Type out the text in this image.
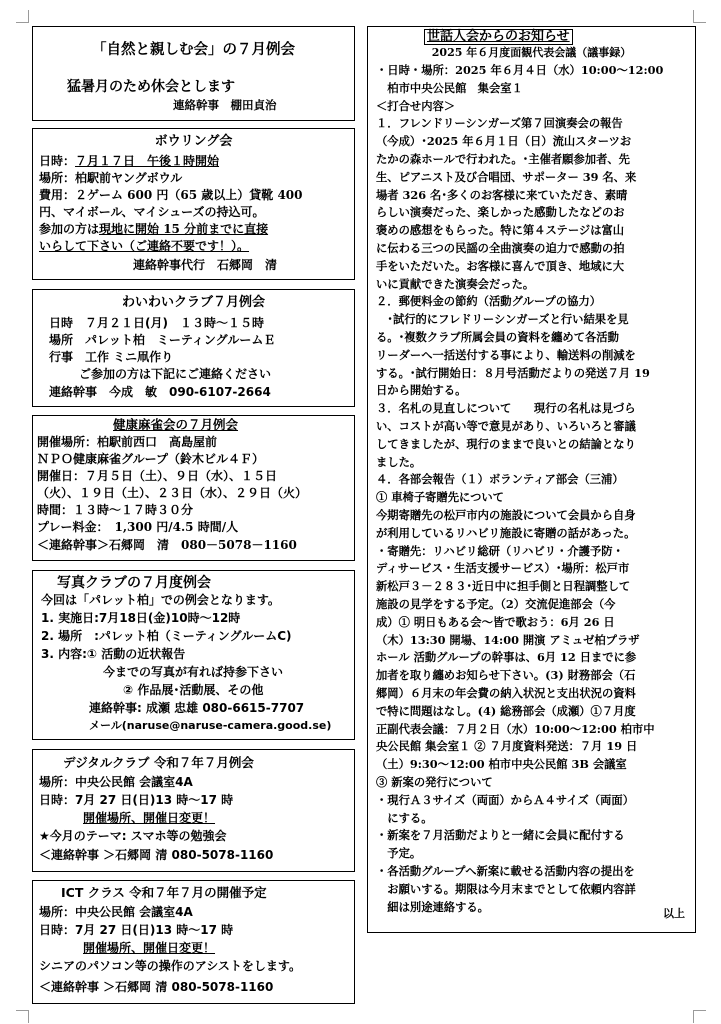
「自然と親しむ会」の７月例会
猛暑月のため休会とします
連絡幹事　棚田貞治
ボウリング会
日時：７月１７日　午後１時開始
場所：柏駅前ヤングボウル
費用：２ゲーム 600 円（65 歳以上）貸靴 400
円、マイボール、マイシューズの持込可。
参加の方は現地に開始 15 分前までに直接
いらして下さい（ご連絡不要です！）。
連絡幹事代行　石郷岡　清
わいわいクラブ７月例会
日時　７月２１日(月)　１３時～１５時
場所　パレット柏　ミーティングルームＥ
行事　工作 ミニ凧作り
ご参加の方は下記にご連絡ください
連絡幹事　今成　敏　090-6107-2664
健康麻雀会の７月例会
開催場所：柏駅前西口　高島屋前
ＮＰＯ健康麻雀グループ（鈴木ビル４Ｆ）
開催日：７月５日（土）、９日（水）、１５日
（火）、１９日（土）、２３日（水）、２９日（火）
時間：１３時～１７時３０分
プレー料金：　1,300 円/4.5 時間/人
＜連絡幹事＞石郷岡　清　080－5078－1160
写真クラブの７月度例会
今回は「パレット柏」での例会となります。
1. 実施日:7月18日(金)10時～12時
2. 場所　:パレット柏（ミーティングルームC)
3. 内容:① 活動の近状報告
今までの写真が有れば持参下さい
② 作品展･活動展、その他
連絡幹事: 成瀬 忠雄 080-6615-7707
メール(naruse@naruse-camera.good.se)
デジタルクラブ 令和７年７月例会
場所：中央公民館 会議室4A
日時：7月 27 日(日)13 時～17 時
開催場所、開催日変更！
★今月のテーマ: スマホ等の勉強会
＜連絡幹事 ＞石郷岡 清 080-5078-1160
ICT クラス 令和７年７月の開催予定
場所：中央公民館 会議室4A
日時：7月 27 日(日)13 時～17 時
開催場所、開催日変更！
シニアのパソコン等の操作のアシストをします。
＜連絡幹事 ＞石郷岡 清 080-5078-1160
世話人会からのお知らせ
2025 年６月度面観代表会議（議事録）
・日時・場所：2025 年６月４日（水）10:00～12:00
　柏市中央公民館　集会室１
＜打合せ内容＞
１．フレンドリーシンガーズ第７回演奏会の報告
（今成）･2025 年６月１日（日）流山スターツお
たかの森ホールで行われた。･主催者願参加者、先
生、ピアニスト及び合唱団、サポーター 39 名、来
場者 326 名･多くのお客様に来ていただき、素晴
らしい演奏だった、楽しかった感動したなどのお
褒めの感想をもらった。特に第４ステージは富山
に伝わる三つの民謡の全曲演奏の迫力で感動の拍
手をいただいた。お客様に喜んで頂き、地域に大
いに貢献できた演奏会だった。
２．郵便料金の節約（活動グループの協力）
　･試行的にフレドリーシンガーズと行い結果を見
る。･複数クラブ所属会員の資料を纏めて各活動
リーダーへ一括送付する事により、輸送料の削減を
する。･試行開始日：８月号活動だよりの発送７月 19
日から開始する。
３．名札の見直しについて　　現行の名札は見づら
い、コストが高い等で意見があり、いろいろと審議
してきましたが、現行のままで良いとの結論となり
ました。
４．各部会報告（１）ボランティア部会（三浦）
① 車椅子寄贈先について
今期寄贈先の松戸市内の施設について会員から自身
が利用しているリハビリ施設に寄贈の話があった。
・寄贈先：リハビリ総研（リハビリ・介護予防・
ディサービス・生活支援サービス）･場所：松戸市
新松戸３－２８３･近日中に担手側と日程調整して
施設の見学をする予定。（2）交流促進部会（今
成）① 明日もある会～皆で歌おう：6月 26 日
（木）13:30 開場、14:00 開演 アミュゼ柏プラザ
ホール 活動グループの幹事は、6月 12 日までに参
加者を取り纏めお知らせ下さい。(3) 財務部会（石
郷岡）６月末の年会費の納入状況と支出状況の資料
で特に問題はなし。(4) 総務部会（成瀬）①７月度
正副代表会議：７月２日（水）10:00～12:00 柏市中
央公民館 集会室１ ② ７月度資料発送：７月 19 日
（土）9:30～12:00 柏市中央公民館 3B 会議室
③ 新案の発行について
・現行Ａ３サイズ（両面）からＡ４サイズ（両面）
　にする。
・新案を７月活動だよりと一緒に会員に配付する
　予定。
・各活動グループへ新案に載せる活動内容の提出を
　お願いする。期限は今月末までとして依頼内容詳
　細は別途連絡する。	以上
